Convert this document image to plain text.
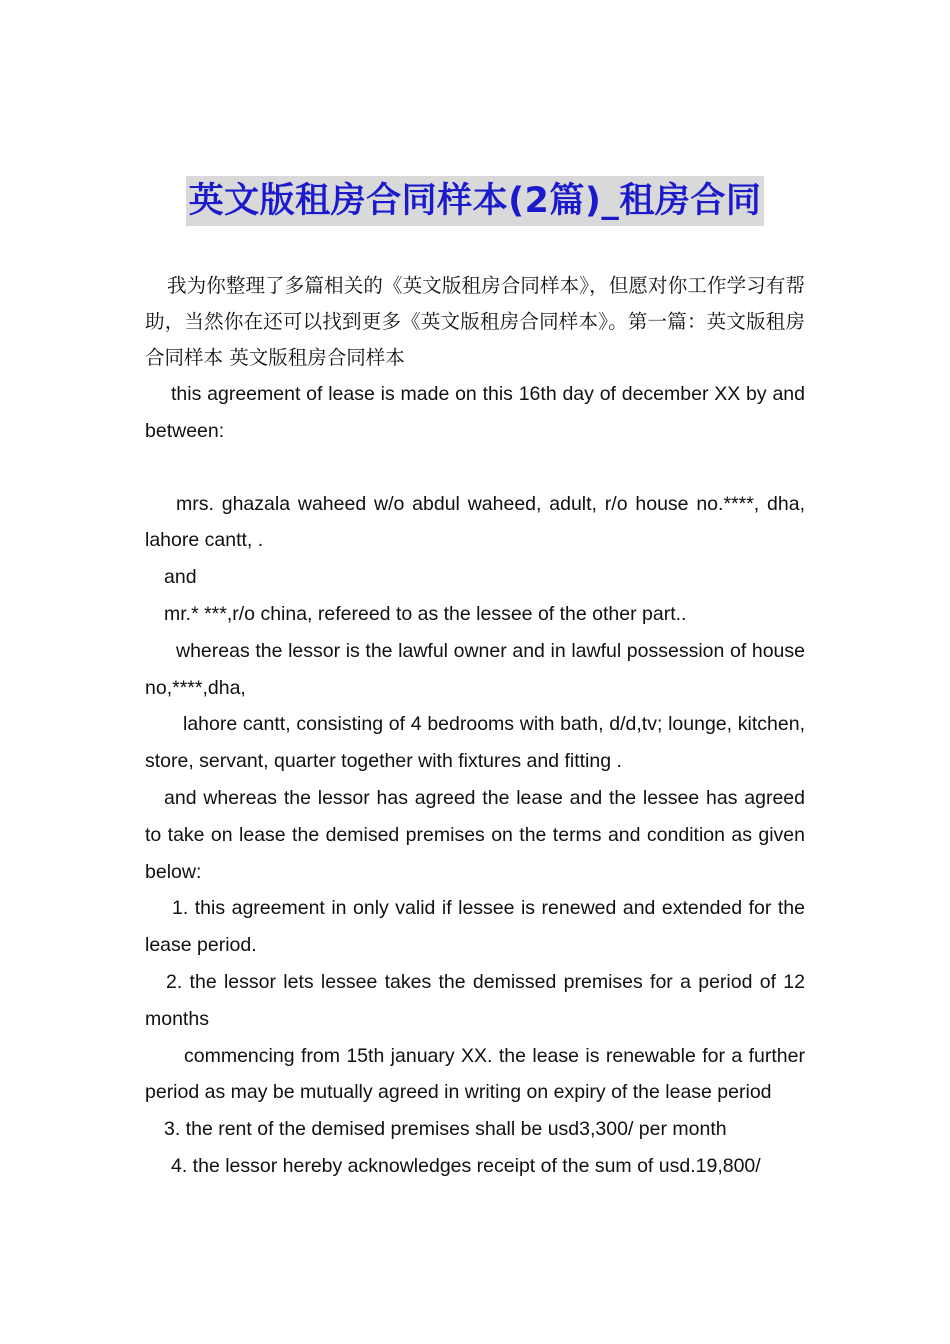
英文版租房合同样本(2篇)_租房合同

我为你整理了多篇相关的《英文版租房合同样本》，但愿对你工作学习有帮助，当然你在还可以找到更多《英文版租房合同样本》。第一篇：英文版租房合同样本 英文版租房合同样本

this agreement of lease is made on this 16th day of december XX by and between:

mrs. ghazala waheed w/o abdul waheed, adult, r/o house no.****, dha, lahore cantt, .

and

mr.* ***,r/o china, refereed to as the lessee of the other part..

whereas the lessor is the lawful owner and in lawful possession of house no,****,dha,

lahore cantt, consisting of 4 bedrooms with bath, d/d,tv; lounge, kitchen, store, servant, quarter together with fixtures and fitting .

and whereas the lessor has agreed the lease and the lessee has agreed to take on lease the demised premises on the terms and condition as given below:

1. this agreement in only valid if lessee is renewed and extended for the lease period.

2. the lessor lets lessee takes the demissed premises for a period of 12 months

commencing from 15th january XX. the lease is renewable for a further period as may be mutually agreed in writing on expiry of the lease period

3. the rent of the demised premises shall be usd3,300/ per month

4. the lessor hereby acknowledges receipt of the sum of usd.19,800/
